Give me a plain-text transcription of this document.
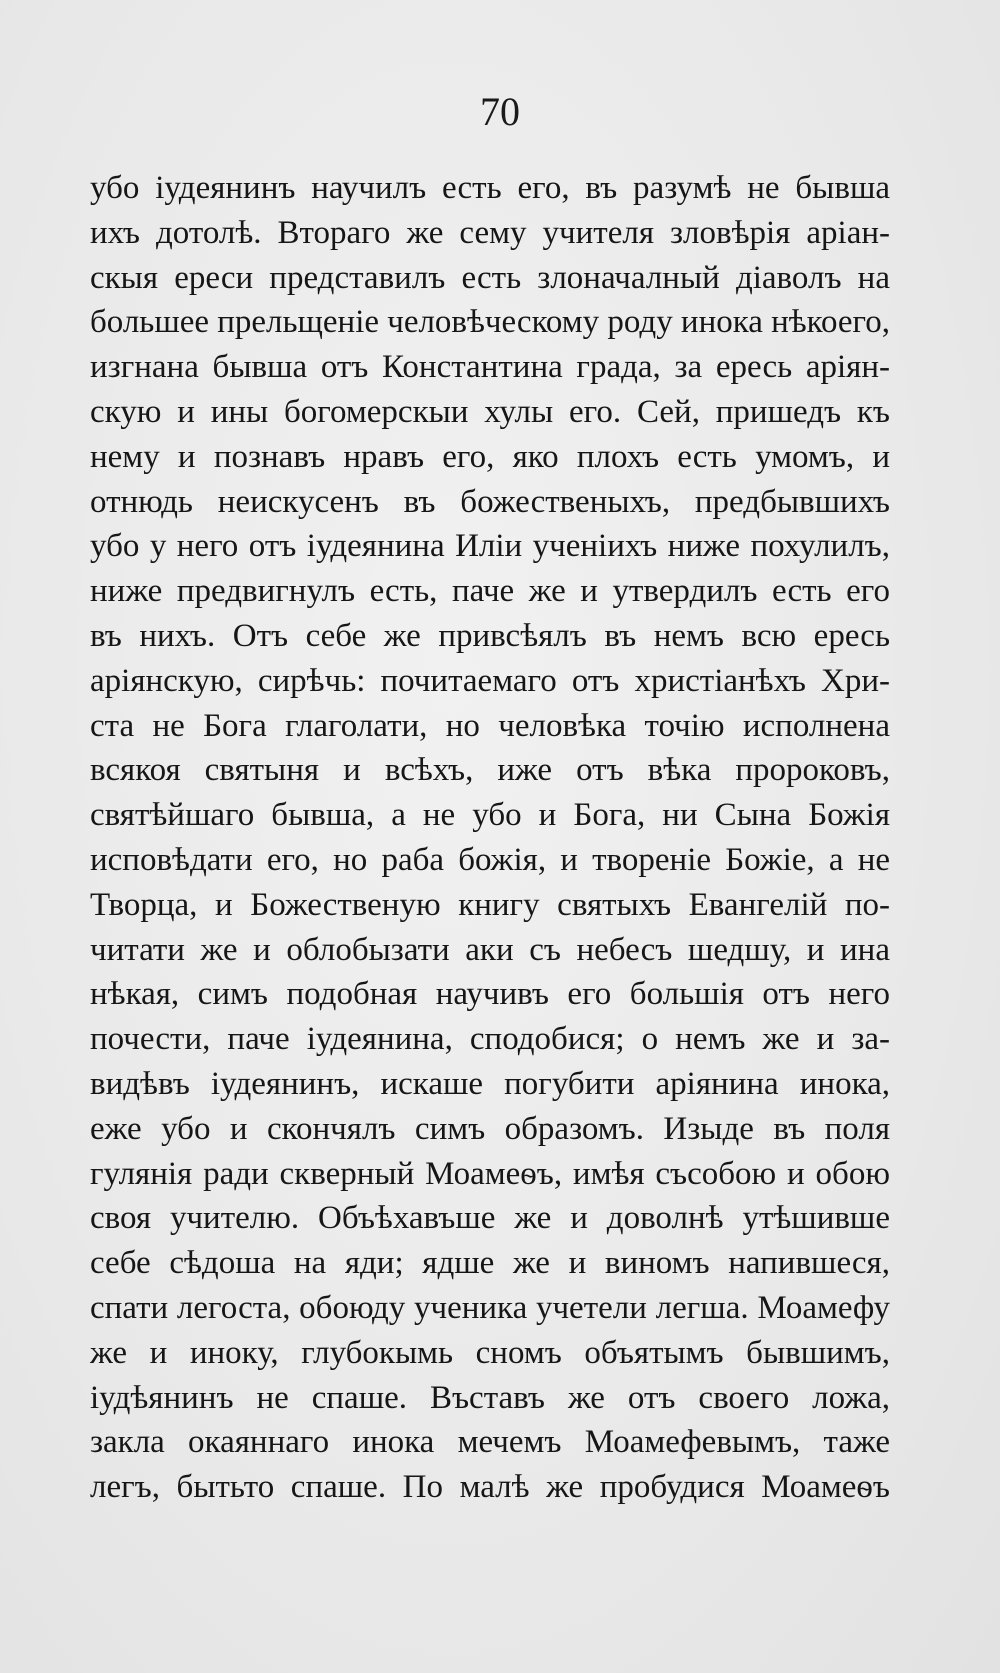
70
убо іудеянинъ научилъ есть его, въ разумѣ не бывша
ихъ дотолѣ. Втораго же сему учителя зловѣрія аріан-
скыя ереси представилъ есть злоначалный діаволъ на
большее прельщеніе человѣческому роду инока нѣкоего,
изгнана бывша отъ Константина града, за ересь аріян-
скую и ины богомерскыи хулы его. Сей, пришедъ къ
нему и познавъ нравъ его, яко плохъ есть умомъ, и
отнюдь неискусенъ въ божественыхъ, предбывшихъ
убо у него отъ іудеянина Иліи ученіихъ ниже похулилъ,
ниже предвигнулъ есть, паче же и утвердилъ есть его
въ нихъ. Отъ себе же привсѣялъ въ немъ всю ересь
аріянскую, сирѣчь: почитаемаго отъ христіанѣхъ Хри-
ста не Бога глаголати, но человѣка точію исполнена
всякоя святыня и всѣхъ, иже отъ вѣка пророковъ,
святѣйшаго бывша, а не убо и Бога, ни Сына Божія
исповѣдати его, но раба божія, и твореніе Божіе, а не
Творца, и Божественую книгу святыхъ Евангелій по-
читати же и облобызати аки съ небесъ шедшу, и ина
нѣкая, симъ подобная научивъ его большія отъ него
почести, паче іудеянина, сподобися; о немъ же и за-
видѣвъ іудеянинъ, искаше погубити аріянина инока,
еже убо и скончялъ симъ образомъ. Изыде въ поля
гулянія ради скверный Моамеѳъ, имѣя съсобою и обою
своя учителю. Объѣхавъше же и доволнѣ утѣшивше
себе сѣдоша на яди; ядше же и виномъ напившеся,
спати легоста, обоюду ученика учетели легша. Моамефу
же и иноку, глубокымь сномъ объятымъ бывшимъ,
іудѣянинъ не спаше. Въставъ же отъ своего ложа,
закла окаяннаго инока мечемъ Моамефевымъ, таже
легъ, бытьто спаше. По малѣ же пробудися Моамеѳъ
